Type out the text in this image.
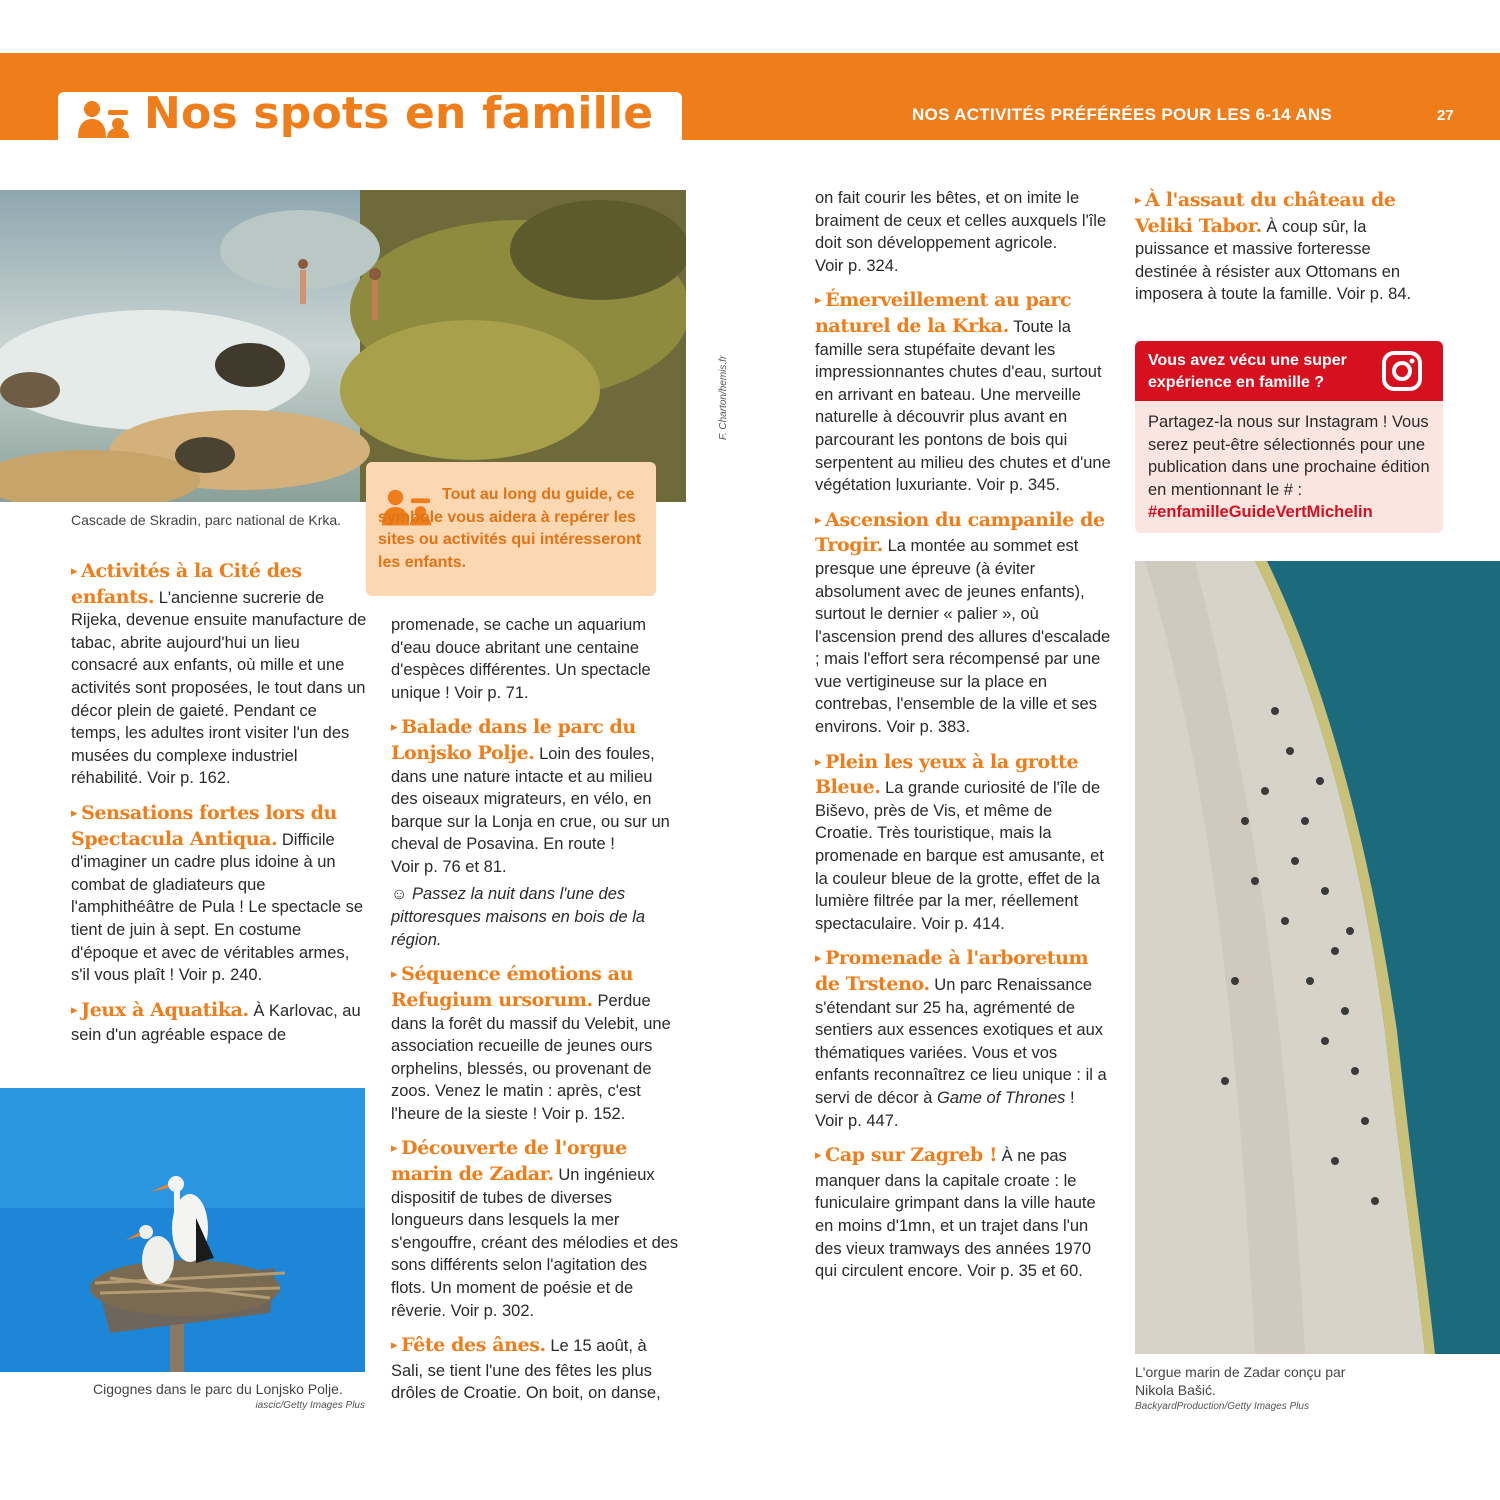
Nos spots en famille	NOS ACTIVITÉS PRÉFÉRÉES POUR LES 6-14 ANS	27
F. Charton/hemis.fr
Cascade de Skradin, parc national de Krka.
Tout au long du guide, ce symbole vous aidera à repérer les sites ou activités qui intéresseront les enfants.

▸ Activités à la Cité des enfants. L'ancienne sucrerie de Rijeka, devenue ensuite manufacture de tabac, abrite aujourd'hui un lieu consacré aux enfants, où mille et une activités sont proposées, le tout dans un décor plein de gaieté. Pendant ce temps, les adultes iront visiter l'un des musées du complexe industriel réhabilité. Voir p. 162.

▸ Sensations fortes lors du Spectacula Antiqua. Difficile d'imaginer un cadre plus idoine à un combat de gladiateurs que l'amphithéâtre de Pula ! Le spectacle se tient de juin à sept. En costume d'époque et avec de véritables armes, s'il vous plaît ! Voir p. 240.

▸ Jeux à Aquatika. À Karlovac, au sein d'un agréable espace de

Cigognes dans le parc du Lonjsko Polje.
iascic/Getty Images Plus

promenade, se cache un aquarium d'eau douce abritant une centaine d'espèces différentes. Un spectacle unique ! Voir p. 71.

▸ Balade dans le parc du Lonjsko Polje. Loin des foules, dans une nature intacte et au milieu des oiseaux migrateurs, en vélo, en barque sur la Lonja en crue, ou sur un cheval de Posavina. En route ! Voir p. 76 et 81.

☺ Passez la nuit dans l'une des pittoresques maisons en bois de la région.

▸ Séquence émotions au Refugium ursorum. Perdue dans la forêt du massif du Velebit, une association recueille de jeunes ours orphelins, blessés, ou provenant de zoos. Venez le matin : après, c'est l'heure de la sieste ! Voir p. 152.

▸ Découverte de l'orgue marin de Zadar. Un ingénieux dispositif de tubes de diverses longueurs dans lesquels la mer s'engouffre, créant des mélodies et des sons différents selon l'agitation des flots. Un moment de poésie et de rêverie. Voir p. 302.

▸ Fête des ânes. Le 15 août, à Sali, se tient l'une des fêtes les plus drôles de Croatie. On boit, on danse,

on fait courir les bêtes, et on imite le braiment de ceux et celles auxquels l'île doit son développement agricole. Voir p. 324.

▸ Émerveillement au parc naturel de la Krka. Toute la famille sera stupéfaite devant les impressionnantes chutes d'eau, surtout en arrivant en bateau. Une merveille naturelle à découvrir plus avant en parcourant les pontons de bois qui serpentent au milieu des chutes et d'une végétation luxuriante. Voir p. 345.

▸ Ascension du campanile de Trogir. La montée au sommet est presque une épreuve (à éviter absolument avec de jeunes enfants), surtout le dernier « palier », où l'ascension prend des allures d'escalade ; mais l'effort sera récompensé par une vue vertigineuse sur la place en contrebas, l'ensemble de la ville et ses environs. Voir p. 383.

▸ Plein les yeux à la grotte Bleue. La grande curiosité de l'île de Biševo, près de Vis, et même de Croatie. Très touristique, mais la promenade en barque est amusante, et la couleur bleue de la grotte, effet de la lumière filtrée par la mer, réellement spectaculaire. Voir p. 414.

▸ Promenade à l'arboretum de Trsteno. Un parc Renaissance s'étendant sur 25 ha, agrémenté de sentiers aux essences exotiques et aux thématiques variées. Vous et vos enfants reconnaîtrez ce lieu unique : il a servi de décor à Game of Thrones ! Voir p. 447.

▸ Cap sur Zagreb ! À ne pas manquer dans la capitale croate : le funiculaire grimpant dans la ville haute en moins d'1mn, et un trajet dans l'un des vieux tramways des années 1970 qui circulent encore. Voir p. 35 et 60.

▸ À l'assaut du château de Veliki Tabor. À coup sûr, la puissance et massive forteresse destinée à résister aux Ottomans en imposera à toute la famille. Voir p. 84.

Vous avez vécu une super expérience en famille ?
Partagez-la nous sur Instagram ! Vous serez peut-être sélectionnés pour une publication dans une prochaine édition en mentionnant le # : #enfamilleGuideVertMichelin
L'orgue marin de Zadar conçu par Nikola Bašić.
BackyardProduction/Getty Images Plus
